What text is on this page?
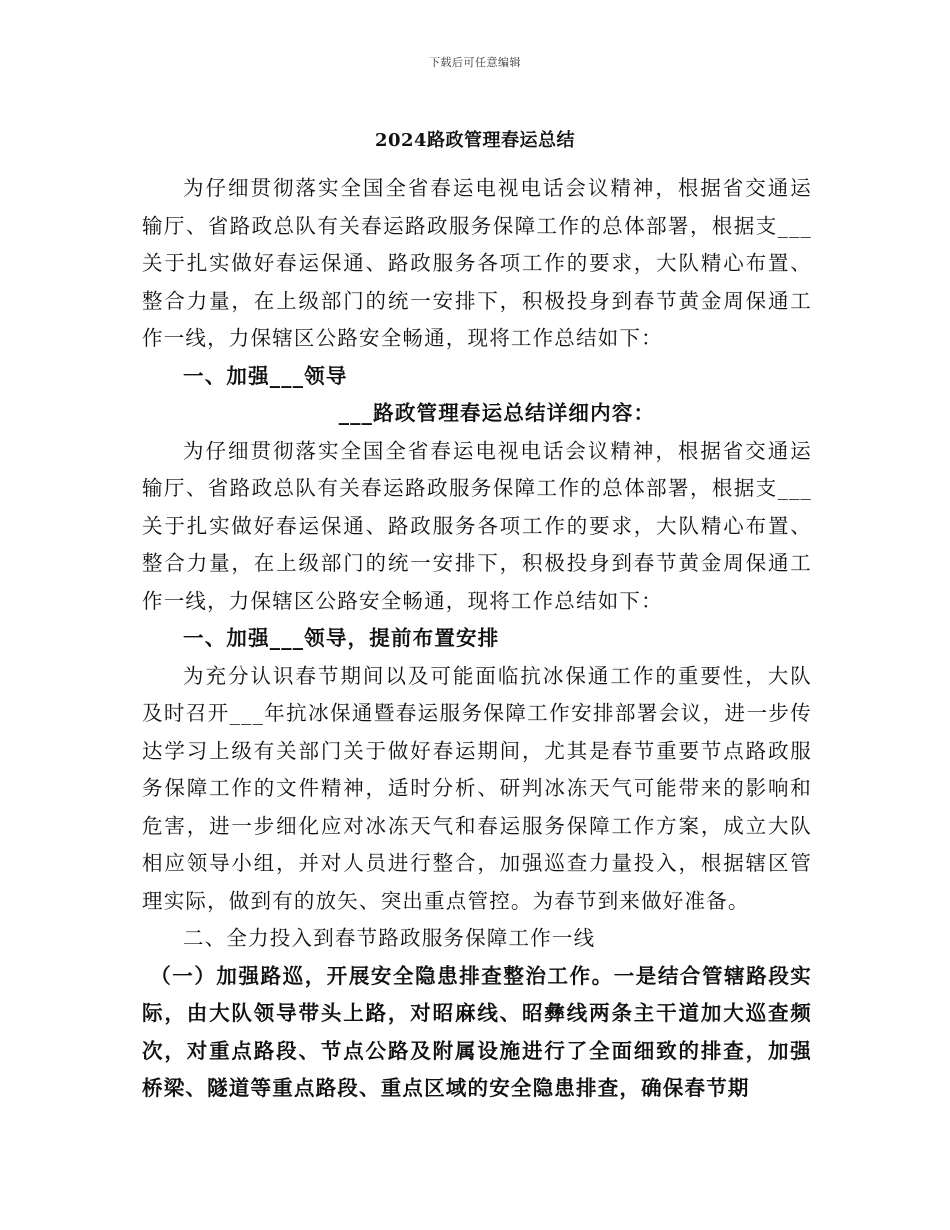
下载后可任意编辑
2024路政管理春运总结

为仔细贯彻落实全国全省春运电视电话会议精神，根据省交通运输厅、省路政总队有关春运路政服务保障工作的总体部署，根据支___关于扎实做好春运保通、路政服务各项工作的要求，大队精心布置、整合力量，在上级部门的统一安排下，积极投身到春节黄金周保通工作一线，力保辖区公路安全畅通，现将工作总结如下：

一、加强___领导

___路政管理春运总结详细内容：

为仔细贯彻落实全国全省春运电视电话会议精神，根据省交通运输厅、省路政总队有关春运路政服务保障工作的总体部署，根据支___关于扎实做好春运保通、路政服务各项工作的要求，大队精心布置、整合力量，在上级部门的统一安排下，积极投身到春节黄金周保通工作一线，力保辖区公路安全畅通，现将工作总结如下：

一、加强___领导，提前布置安排

为充分认识春节期间以及可能面临抗冰保通工作的重要性，大队及时召开___年抗冰保通暨春运服务保障工作安排部署会议，进一步传达学习上级有关部门关于做好春运期间，尤其是春节重要节点路政服务保障工作的文件精神，适时分析、研判冰冻天气可能带来的影响和危害，进一步细化应对冰冻天气和春运服务保障工作方案，成立大队相应领导小组，并对人员进行整合，加强巡查力量投入，根据辖区管理实际，做到有的放矢、突出重点管控。为春节到来做好准备。

二、全力投入到春节路政服务保障工作一线

（一）加强路巡，开展安全隐患排查整治工作。一是结合管辖路段实际，由大队领导带头上路，对昭麻线、昭彝线两条主干道加大巡查频次，对重点路段、节点公路及附属设施进行了全面细致的排查，加强桥梁、隧道等重点路段、重点区域的安全隐患排查，确保春节期
